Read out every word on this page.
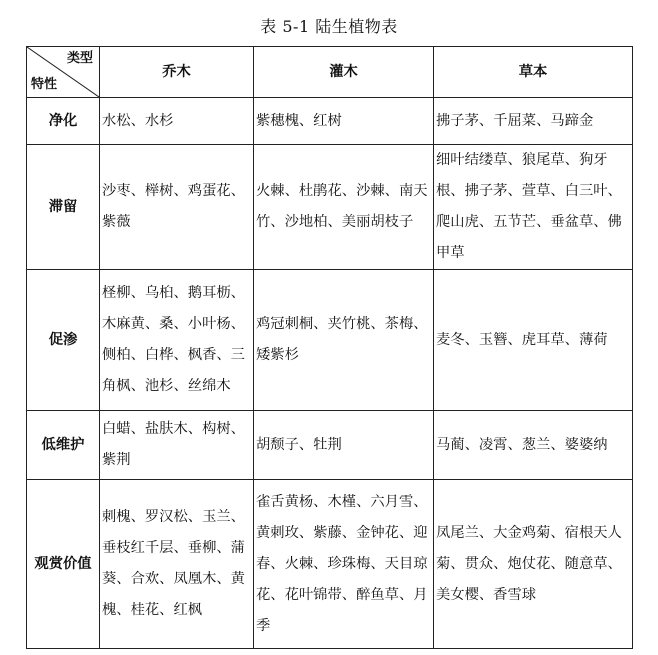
表 5-1 陆生植物表
类型
特性	乔木	灌木	草本
净化	水松、水杉	紫穗槐、红树	拂子茅、千屈菜、马蹄金
滞留	沙枣、榉树、鸡蛋花、紫薇	火棘、杜鹃花、沙棘、南天竹、沙地柏、美丽胡枝子	细叶结缕草、狼尾草、狗牙根、拂子茅、萱草、白三叶、爬山虎、五节芒、垂盆草、佛甲草
促渗	柽柳、乌桕、鹅耳枥、木麻黄、桑、小叶杨、侧柏、白桦、枫香、三角枫、池杉、丝绵木	鸡冠刺桐、夹竹桃、茶梅、矮紫杉	麦冬、玉簪、虎耳草、薄荷
低维护	白蜡、盐肤木、构树、紫荆	胡颓子、牡荆	马蔺、凌霄、葱兰、婆婆纳
观赏价值	刺槐、罗汉松、玉兰、垂枝红千层、垂柳、蒲葵、合欢、凤凰木、黄槐、桂花、红枫	雀舌黄杨、木槿、六月雪、黄刺玫、紫藤、金钟花、迎春、火棘、珍珠梅、天目琼花、花叶锦带、醉鱼草、月季	凤尾兰、大金鸡菊、宿根天人菊、贯众、炮仗花、随意草、美女樱、香雪球
